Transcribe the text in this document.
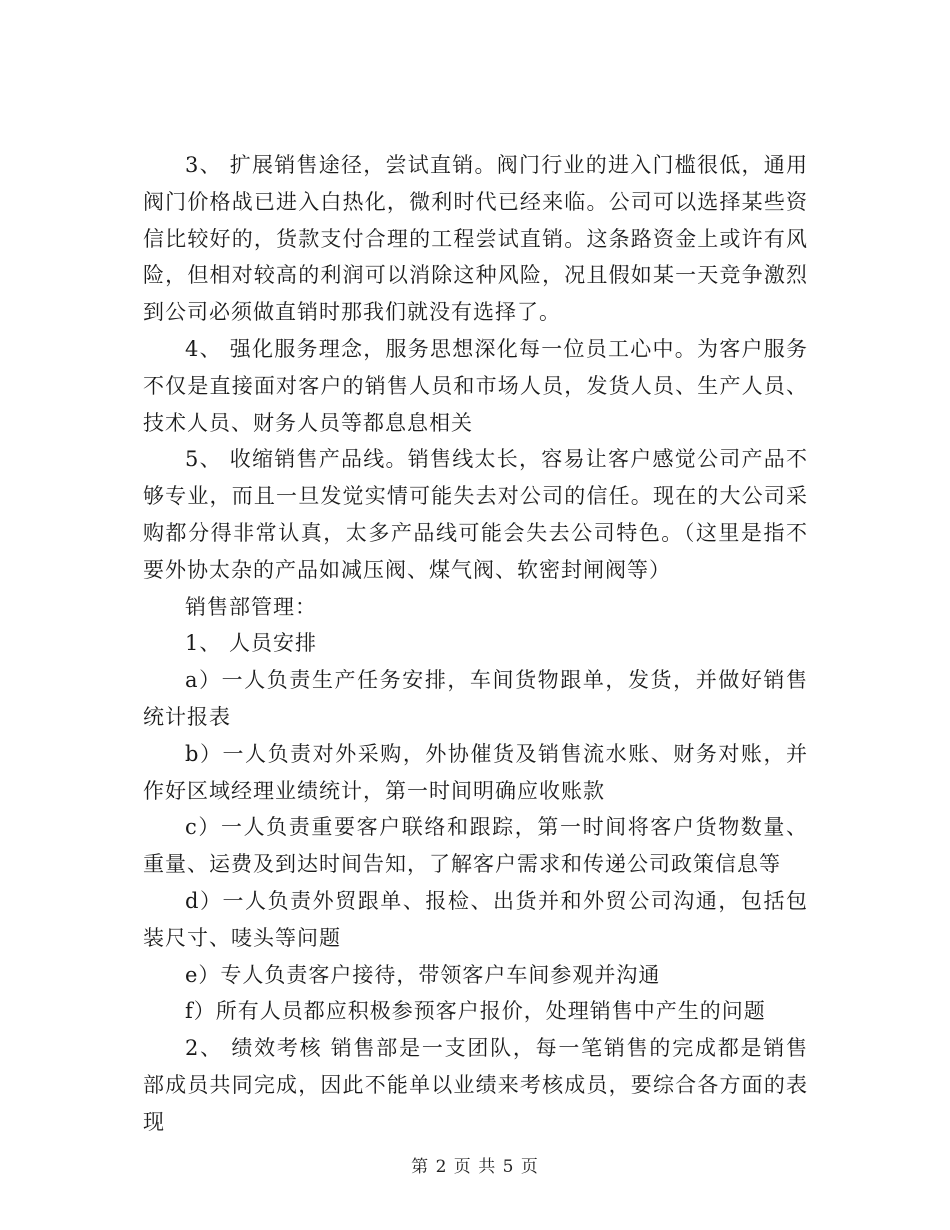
3、 扩展销售途径，尝试直销。阀门行业的进入门槛很低，通用阀门价格战已进入白热化，微利时代已经来临。公司可以选择某些资信比较好的，货款支付合理的工程尝试直销。这条路资金上或许有风险，但相对较高的利润可以消除这种风险，况且假如某一天竞争激烈到公司必须做直销时那我们就没有选择了。

4、 强化服务理念，服务思想深化每一位员工心中。为客户服务不仅是直接面对客户的销售人员和市场人员，发货人员、生产人员、技术人员、财务人员等都息息相关

5、 收缩销售产品线。销售线太长，容易让客户感觉公司产品不够专业，而且一旦发觉实情可能失去对公司的信任。现在的大公司采购都分得非常认真，太多产品线可能会失去公司特色。（这里是指不要外协太杂的产品如减压阀、煤气阀、软密封闸阀等）

销售部管理：

1、 人员安排

a）一人负责生产任务安排，车间货物跟单，发货，并做好销售统计报表

b）一人负责对外采购，外协催货及销售流水账、财务对账，并作好区域经理业绩统计，第一时间明确应收账款

c）一人负责重要客户联络和跟踪，第一时间将客户货物数量、重量、运费及到达时间告知，了解客户需求和传递公司政策信息等

d）一人负责外贸跟单、报检、出货并和外贸公司沟通，包括包装尺寸、唛头等问题

e）专人负责客户接待，带领客户车间参观并沟通

f）所有人员都应积极参预客户报价，处理销售中产生的问题

2、 绩效考核 销售部是一支团队，每一笔销售的完成都是销售部成员共同完成，因此不能单以业绩来考核成员，要综合各方面的表现

第 2 页 共 5 页
